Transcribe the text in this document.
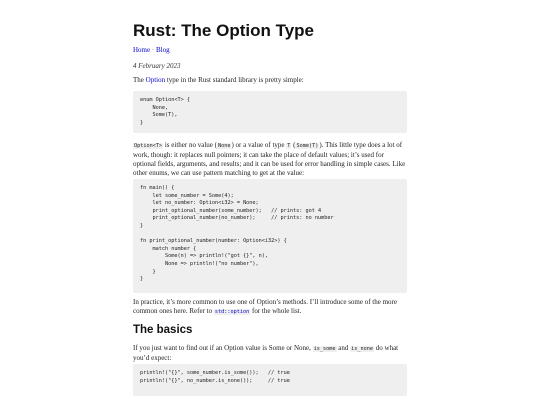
Rust: The Option Type
Home · Blog
4 February 2023

The Option type in the Rust standard library is pretty simple:

enum Option<T> {
None,
Some(T),
}

Option<T> is either no value (None) or a value of type T (Some(T)). This little type does a lot of work, though: it replaces null pointers; it can take the place of default values; it’s used for optional fields, arguments, and results; and it can be used for error handling in simple cases. Like other enums, we can use pattern matching to get at the value:

fn main() {
let some_number = Some(4);
let no_number: Option<i32> = None;
print_optional_number(some_number);   // prints: got 4
print_optional_number(no_number);     // prints: no number
}

fn print_optional_number(number: Option<i32>) {
match number {
Some(n) => println!("got {}", n),
None => println!("no number"),
}
}

In practice, it’s more common to use one of Option’s methods. I’ll introduce some of the more common ones here. Refer to std::option for the whole list.

The basics

If you just want to find out if an Option value is Some or None, is_some and is_none do what you’d expect:

println!("{}", some_number.is_some());   // true
println!("{}", no_number.is_none());     // true
